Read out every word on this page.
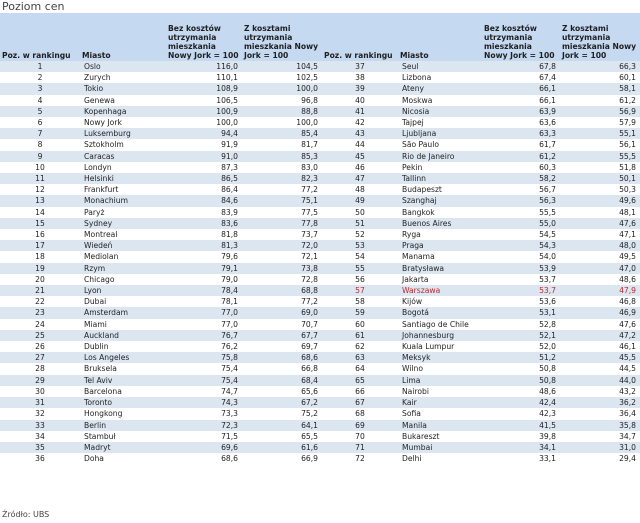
Poziom cen
Poz. w rankingu	Miasto	Bez kosztów utrzymania mieszkania Nowy Jork = 100	Z kosztami utrzymania mieszkania Nowy Jork = 100
1	Oslo	116,0	104,5
2	Zurych	110,1	102,5
3	Tokio	108,9	100,0
4	Genewa	106,5	96,8
5	Kopenhaga	100,9	88,8
6	Nowy Jork	100,0	100,0
7	Luksemburg	94,4	85,4
8	Sztokholm	91,9	81,7
9	Caracas	91,0	85,3
10	Londyn	87,3	83,0
11	Helsinki	86,5	82,3
12	Frankfurt	86,4	77,2
13	Monachium	84,6	75,1
14	Paryż	83,9	77,5
15	Sydney	83,6	77,8
16	Montreal	81,8	73,7
17	Wiedeń	81,3	72,0
18	Mediolan	79,6	72,1
19	Rzym	79,1	73,8
20	Chicago	79,0	72,8
21	Lyon	78,4	68,8
22	Dubai	78,1	77,2
23	Amsterdam	77,0	69,0
24	Miami	77,0	70,7
25	Auckland	76,7	67,7
26	Dublin	76,2	69,7
27	Los Angeles	75,8	68,6
28	Bruksela	75,4	66,8
29	Tel Aviv	75,4	68,4
30	Barcelona	74,7	65,6
31	Toronto	74,3	67,2
32	Hongkong	73,3	75,2
33	Berlin	72,3	64,1
34	Stambuł	71,5	65,5
35	Madryt	69,6	61,6
36	Doha	68,6	66,9
Poz. w rankingu	Miasto	Bez kosztów utrzymania mieszkania Nowy Jork = 100	Z kosztami utrzymania mieszkania Nowy Jork = 100
37	Seul	67,8	66,3
38	Lizbona	67,4	60,1
39	Ateny	66,1	58,1
40	Moskwa	66,1	61,2
41	Nicosia	63,9	56,9
42	Tajpej	63,6	57,9
43	Ljubljana	63,3	55,1
44	São Paulo	61,7	56,1
45	Rio de Janeiro	61,2	55,5
46	Pekin	60,3	51,8
47	Tallinn	58,2	50,1
48	Budapeszt	56,7	50,3
49	Szanghaj	56,3	49,6
50	Bangkok	55,5	48,1
51	Buenos Aires	55,0	47,6
52	Ryga	54,5	47,1
53	Praga	54,3	48,0
54	Manama	54,0	49,5
55	Bratysława	53,9	47,0
56	Jakarta	53,7	48,6
57	Warszawa	53,7	47,9
58	Kijów	53,6	46,8
59	Bogotá	53,1	46,9
60	Santiago de Chile	52,8	47,6
61	Johannesburg	52,1	47,2
62	Kuala Lumpur	52,0	46,1
63	Meksyk	51,2	45,5
64	Wilno	50,8	44,5
65	Lima	50,8	44,0
66	Nairobi	48,6	43,2
67	Kair	42,4	36,2
68	Sofia	42,3	36,4
69	Manila	41,5	35,8
70	Bukareszt	39,8	34,7
71	Mumbai	34,1	31,0
72	Delhi	33,1	29,4
Źródło: UBS
